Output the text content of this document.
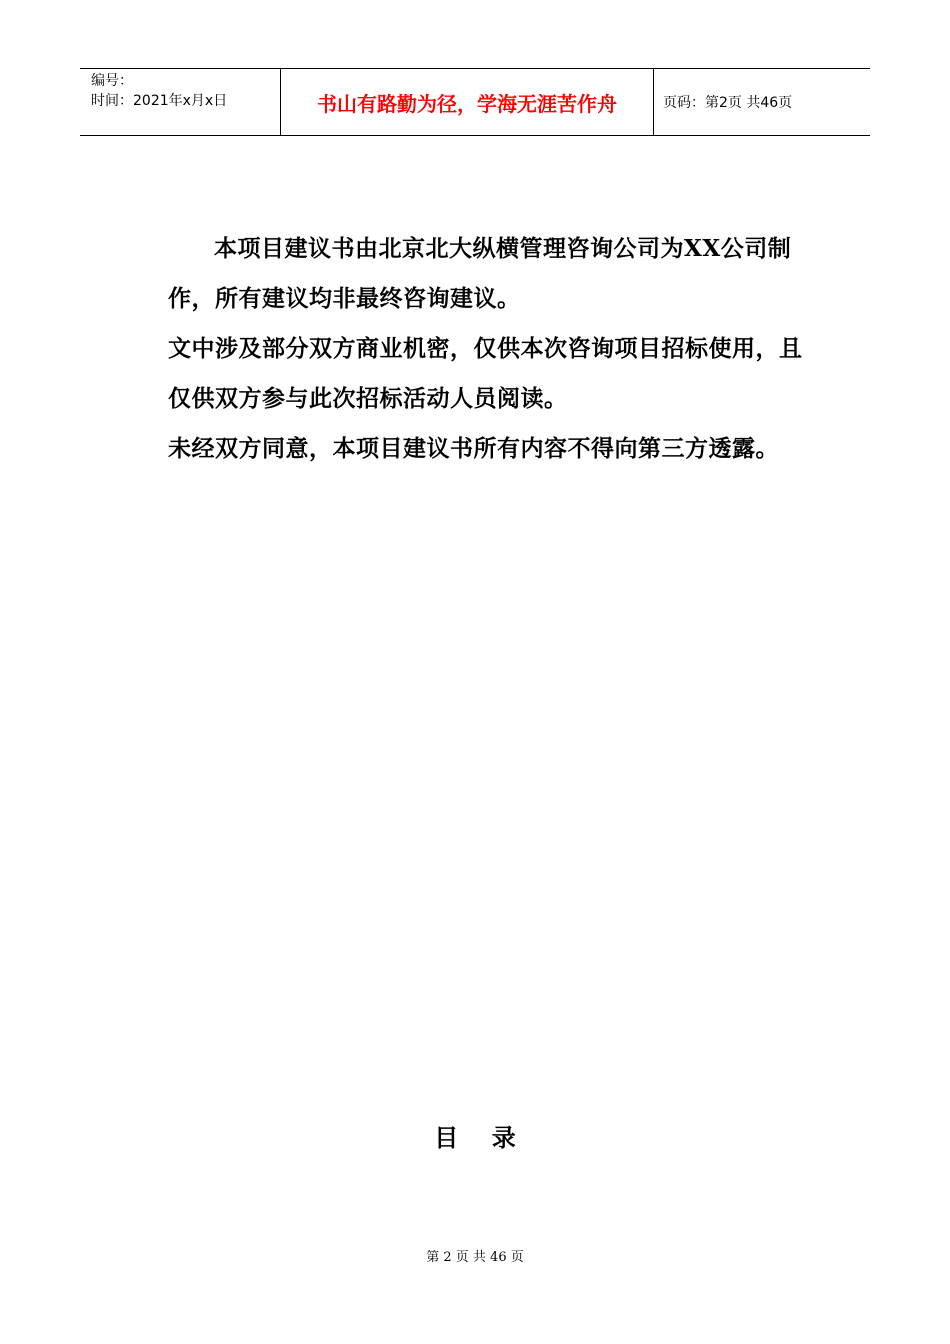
编号：
时间：2021年x月x日	书山有路勤为径，学海无涯苦作舟	页码：第2页 共46页

本项目建议书由北京北大纵横管理咨询公司为XX公司制作，所有建议均非最终咨询建议。

文中涉及部分双方商业机密，仅供本次咨询项目招标使用，且仅供双方参与此次招标活动人员阅读。

未经双方同意，本项目建议书所有内容不得向第三方透露。

目    录
第 2 页 共 46 页
